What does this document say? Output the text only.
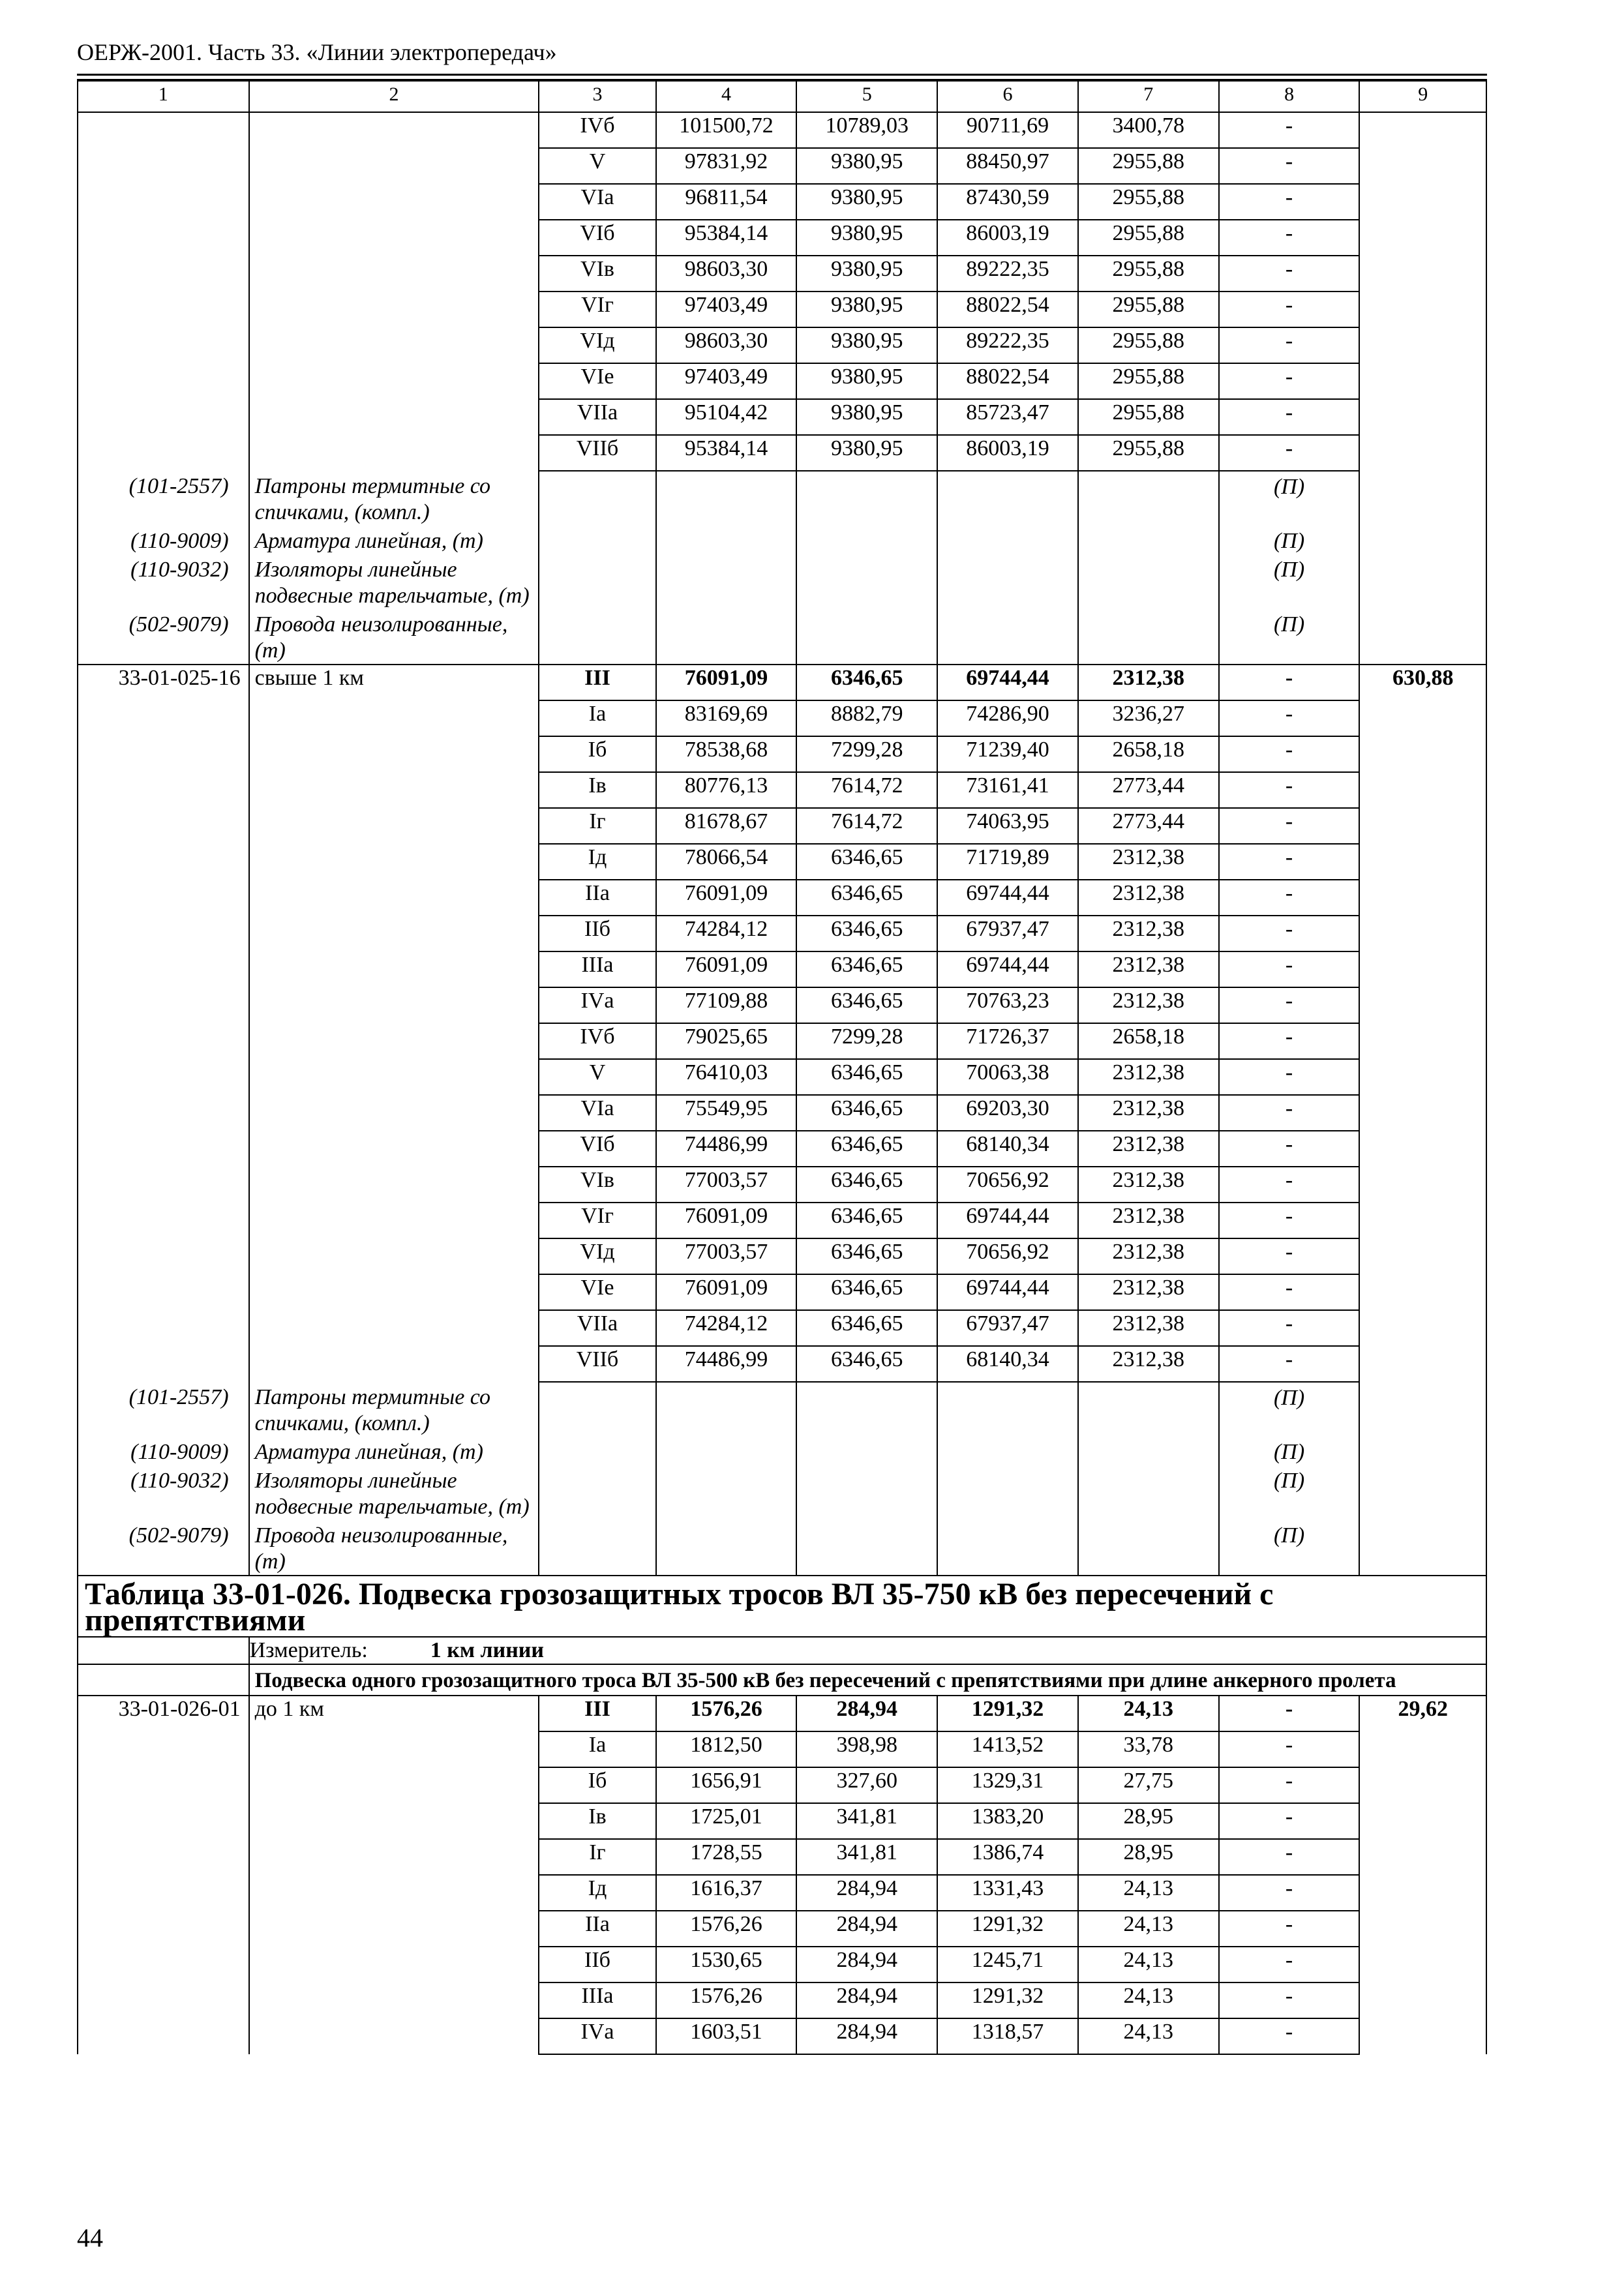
ОЕРЖ-2001. Часть 33. «Линии электропередач»
1	2	3	4	5	6	7	8	9
		IVб	101500,72	10789,03	90711,69	3400,78	-	
		V	97831,92	9380,95	88450,97	2955,88	-	
		VIа	96811,54	9380,95	87430,59	2955,88	-	
		VIб	95384,14	9380,95	86003,19	2955,88	-	
		VIв	98603,30	9380,95	89222,35	2955,88	-	
		VIг	97403,49	9380,95	88022,54	2955,88	-	
		VIд	98603,30	9380,95	89222,35	2955,88	-	
		VIе	97403,49	9380,95	88022,54	2955,88	-	
		VIIа	95104,42	9380,95	85723,47	2955,88	-	
		VIIб	95384,14	9380,95	86003,19	2955,88	-	
(101-2557)	Патроны термитные со спичками, (компл.)						(П)	
(110-9009)	Арматура линейная, (т)						(П)	
(110-9032)	Изоляторы линейные подвесные тарельчатые, (т)						(П)	
(502-9079)	Провода неизолированные, (т)						(П)	
33-01-025-16	свыше 1 км	III	76091,09	6346,65	69744,44	2312,38	-	630,88
		Iа	83169,69	8882,79	74286,90	3236,27	-	
		Iб	78538,68	7299,28	71239,40	2658,18	-	
		Iв	80776,13	7614,72	73161,41	2773,44	-	
		Iг	81678,67	7614,72	74063,95	2773,44	-	
		Iд	78066,54	6346,65	71719,89	2312,38	-	
		IIа	76091,09	6346,65	69744,44	2312,38	-	
		IIб	74284,12	6346,65	67937,47	2312,38	-	
		IIIа	76091,09	6346,65	69744,44	2312,38	-	
		IVа	77109,88	6346,65	70763,23	2312,38	-	
		IVб	79025,65	7299,28	71726,37	2658,18	-	
		V	76410,03	6346,65	70063,38	2312,38	-	
		VIа	75549,95	6346,65	69203,30	2312,38	-	
		VIб	74486,99	6346,65	68140,34	2312,38	-	
		VIв	77003,57	6346,65	70656,92	2312,38	-	
		VIг	76091,09	6346,65	69744,44	2312,38	-	
		VIд	77003,57	6346,65	70656,92	2312,38	-	
		VIе	76091,09	6346,65	69744,44	2312,38	-	
		VIIа	74284,12	6346,65	67937,47	2312,38	-	
		VIIб	74486,99	6346,65	68140,34	2312,38	-	
(101-2557)	Патроны термитные со спичками, (компл.)						(П)	
(110-9009)	Арматура линейная, (т)						(П)	
(110-9032)	Изоляторы линейные подвесные тарельчатые, (т)						(П)	
(502-9079)	Провода неизолированные, (т)						(П)	
Таблица 33-01-026. Подвеска грозозащитных тросов ВЛ 35-750 кВ без пересечений с препятствиями								
	Измеритель: 1 км линии							
	Подвеска одного грозозащитного троса ВЛ 35-500 кВ без пересечений с препятствиями при длине анкерного пролета							
33-01-026-01	до 1 км	III	1576,26	284,94	1291,32	24,13	-	29,62
		Iа	1812,50	398,98	1413,52	33,78	-	
		Iб	1656,91	327,60	1329,31	27,75	-	
		Iв	1725,01	341,81	1383,20	28,95	-	
		Iг	1728,55	341,81	1386,74	28,95	-	
		Iд	1616,37	284,94	1331,43	24,13	-	
		IIа	1576,26	284,94	1291,32	24,13	-	
		IIб	1530,65	284,94	1245,71	24,13	-	
		IIIа	1576,26	284,94	1291,32	24,13	-	
		IVа	1603,51	284,94	1318,57	24,13	-	
44
